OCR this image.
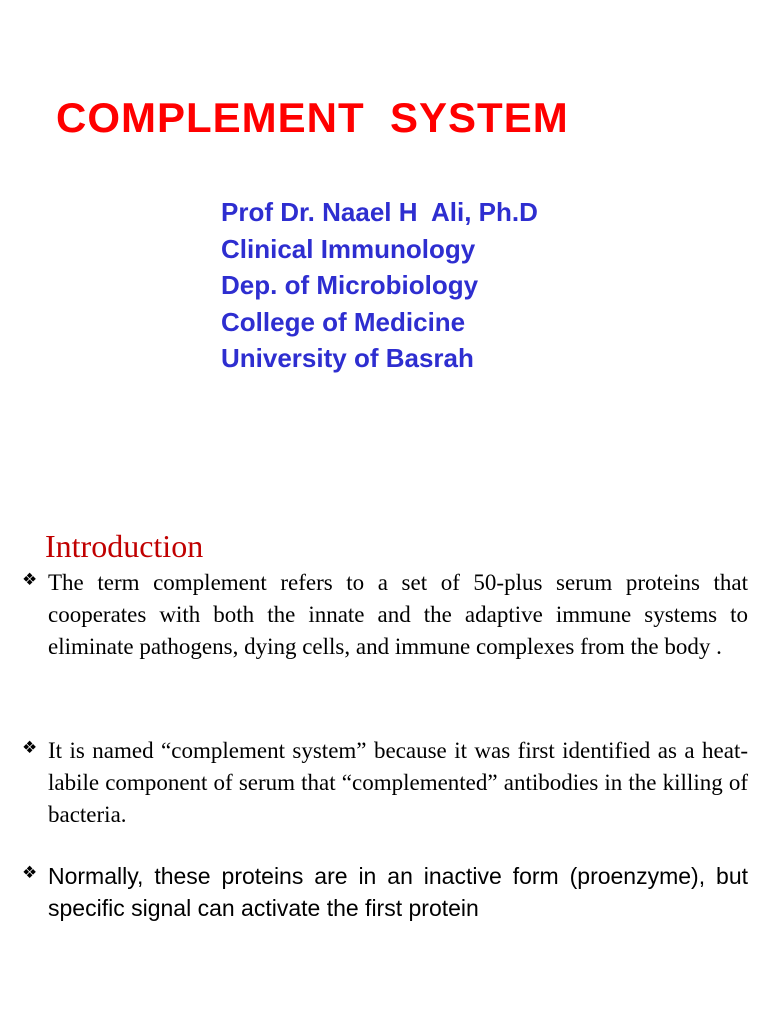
COMPLEMENT  SYSTEM
Prof Dr. Naael H  Ali, Ph.D
Clinical Immunology
Dep. of Microbiology
College of Medicine
University of Basrah
Introduction
❖ The term complement refers to a set of 50-plus serum proteins that cooperates with both the innate and the adaptive immune systems to eliminate pathogens, dying cells, and immune complexes from the body .
❖ It is named “complement system” because it was first identified as a heat-labile component of serum that “complemented” antibodies in the killing of bacteria.
❖ Normally, these proteins are in an inactive form (proenzyme), but specific signal can activate the first protein
